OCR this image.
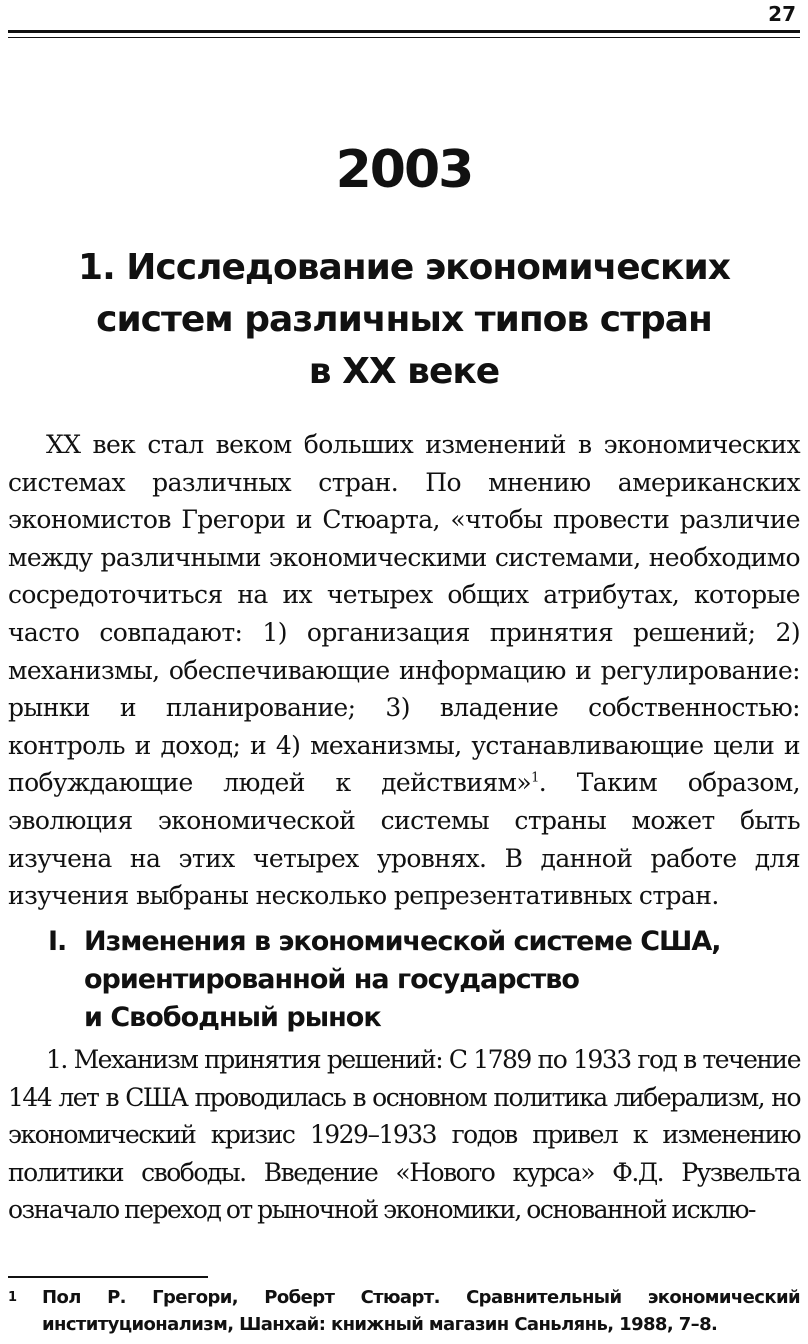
27
2003
1. Исследование экономических
систем различных типов стран
в XX веке

XX век стал веком больших изменений в экономических системах различных стран. По мнению американских экономистов Грегори и Стюарта, «чтобы провести различие между различными экономическими системами, необходимо сосредоточиться на их четырех общих атрибутах, которые часто совпадают: 1) организация принятия решений; 2) механизмы, обеспечивающие информацию и регулирование: рынки и планирование; 3) владение собственностью: контроль и доход; и 4) механизмы, устанавливающие цели и побуждающие людей к действиям»$^1$. Таким образом, эволюция экономической системы страны может быть изучена на этих четырех уровнях. В данной работе для изучения выбраны несколько репрезентативных стран.

I. Изменения в экономической системе США,
ориентированной на государство
и Свободный рынок

1. Механизм принятия решений: С 1789 по 1933 год в течение 144 лет в США проводилась в основном политика либерализм, но экономический кризис 1929–1933 годов привел к изменению политики свободы. Введение «Нового курса» Ф.Д. Рузвельта означало переход от рыночной экономики, основанной исклю-

1 Пол Р. Грегори, Роберт Стюарт. Сравнительный экономический институционализм, Шанхай: книжный магазин Саньлянь, 1988, 7–8.
